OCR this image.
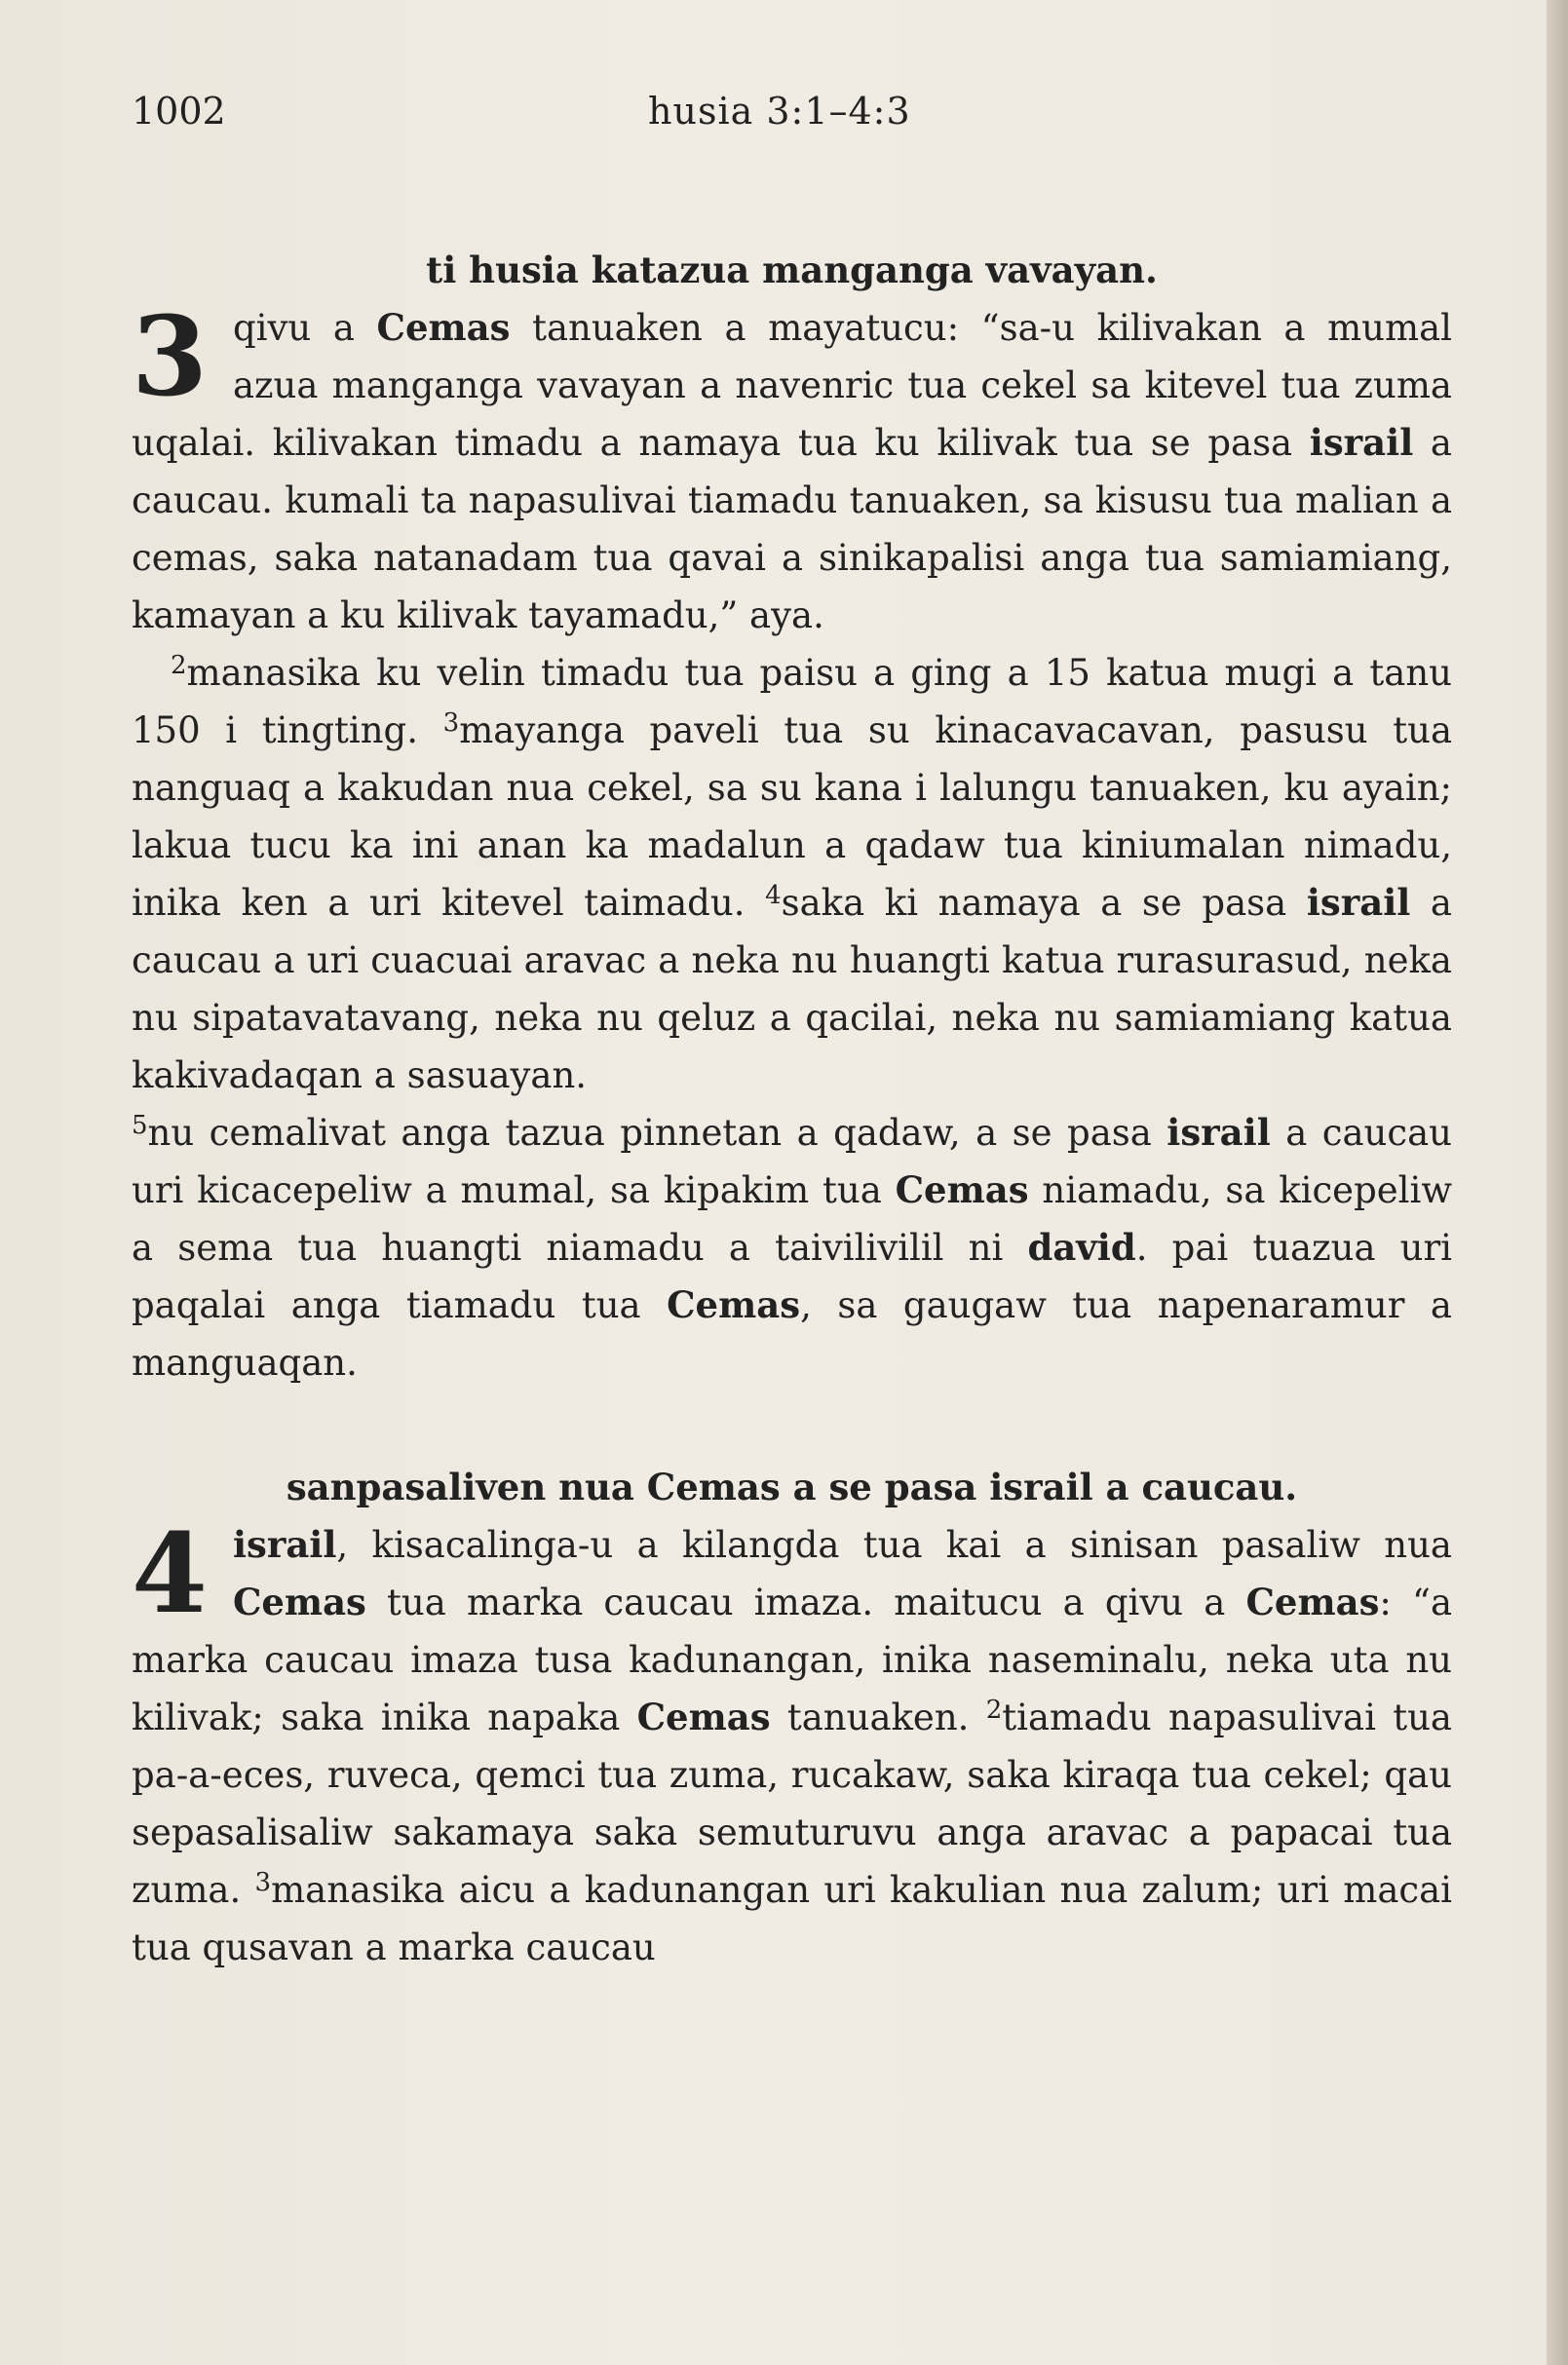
1002	husia 3:1–4:3
ti husia katazua manganga vavayan.

3 qivu a Cemas tanuaken a mayatucu: “sa-u kilivakan a mumal azua manganga vavayan a navenric tua cekel sa kitevel tua zuma uqalai. kilivakan timadu a namaya tua ku kilivak tua se pasa israil a caucau. kumali ta napasulivai tiamadu tanuaken, sa kisusu tua malian a cemas, saka natanadam tua qavai a sinikapalisi anga tua samiamiang, kamayan a ku kilivak tayamadu,” aya.

$^2$manasika ku velin timadu tua paisu a ging a 15 katua mugi a tanu 150 i tingting. $^3$mayanga paveli tua su kinacavacavan, pasusu tua nanguaq a kakudan nua cekel, sa su kana i lalungu tanuaken, ku ayain; lakua tucu ka ini anan ka madalun a qadaw tua kiniumalan nimadu, inika ken a uri kitevel taimadu. $^4$saka ki namaya a se pasa israil a caucau a uri cuacuai aravac a neka nu huangti katua rurasurasud, neka nu sipatavatavang, neka nu qeluz a qacilai, neka nu samiamiang katua kakivadaqan a sasuayan.

$^5$nu cemalivat anga tazua pinnetan a qadaw, a se pasa israil a caucau uri kicacepeliw a mumal, sa kipakim tua Cemas niamadu, sa kicepeliw a sema tua huangti niamadu a taivilivilil ni david. pai tuazua uri paqalai anga tiamadu tua Cemas, sa gaugaw tua napenaramur a manguaqan.

sanpasaliven nua Cemas a se pasa israil a caucau.

4 israil, kisacalinga-u a kilangda tua kai a sinisan pasaliw nua Cemas tua marka caucau imaza. maitucu a qivu a Cemas: “a marka caucau imaza tusa kadunangan, inika naseminalu, neka uta nu kilivak; saka inika napaka Cemas tanuaken. $^2$tiamadu napasulivai tua pa-a-eces, ruveca, qemci tua zuma, rucakaw, saka kiraqa tua cekel; qau sepasalisaliw sakamaya saka semuturuvu anga aravac a papacai tua zuma. $^3$manasika aicu a kadunangan uri kakulian nua zalum; uri macai tua qusavan a marka caucau
